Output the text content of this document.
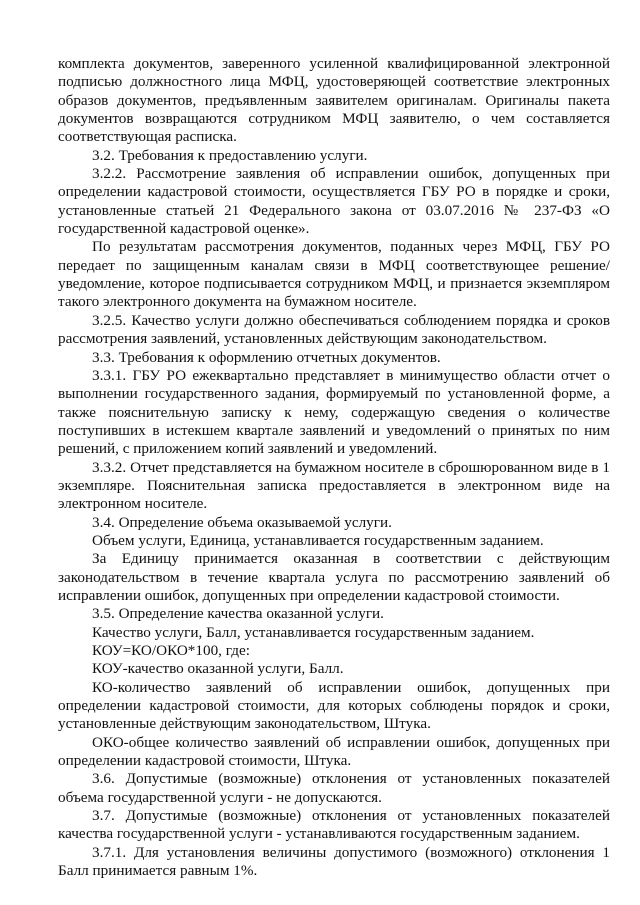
комплекта документов, заверенного усиленной квалифицированной электронной подписью должностного лица МФЦ, удостоверяющей соответствие электронных образов документов, предъявленным заявителем оригиналам. Оригиналы пакета документов возвращаются сотрудником МФЦ заявителю, о чем составляется соответствующая расписка.

3.2. Требования к предоставлению услуги.

3.2.2. Рассмотрение заявления об исправлении ошибок, допущенных при определении кадастровой стоимости, осуществляется ГБУ РО в порядке и сроки, установленные статьей 21 Федерального закона от 03.07.2016 № 237-ФЗ «О государственной кадастровой оценке».

По результатам рассмотрения документов, поданных через МФЦ, ГБУ РО передает по защищенным каналам связи в МФЦ соответствующее решение/уведомление, которое подписывается сотрудником МФЦ, и признается экземпляром такого электронного документа на бумажном носителе.

3.2.5. Качество услуги должно обеспечиваться соблюдением порядка и сроков рассмотрения заявлений, установленных действующим законодательством.

3.3. Требования к оформлению отчетных документов.

3.3.1. ГБУ РО ежеквартально представляет в минимущество области отчет о выполнении государственного задания, формируемый по установленной форме, а также пояснительную записку к нему, содержащую сведения о количестве поступивших в истекшем квартале заявлений и уведомлений о принятых по ним решений, с приложением копий заявлений и уведомлений.

3.3.2. Отчет представляется на бумажном носителе в сброшюрованном виде в 1 экземпляре. Пояснительная записка предоставляется в электронном виде на электронном носителе.

3.4. Определение объема оказываемой услуги.

Объем услуги, Единица, устанавливается государственным заданием.

За Единицу принимается оказанная в соответствии с действующим законодательством в течение квартала услуга по рассмотрению заявлений об исправлении ошибок, допущенных при определении кадастровой стоимости.

3.5. Определение качества оказанной услуги.

Качество услуги, Балл, устанавливается государственным заданием.

КОУ=КО/ОКО*100, где:

КОУ-качество оказанной услуги, Балл.

КО-количество заявлений об исправлении ошибок, допущенных при определении кадастровой стоимости, для которых соблюдены порядок и сроки, установленные действующим законодательством, Штука.

ОКО-общее количество заявлений об исправлении ошибок, допущенных при определении кадастровой стоимости, Штука.

3.6. Допустимые (возможные) отклонения от установленных показателей объема государственной услуги - не допускаются.

3.7. Допустимые (возможные) отклонения от установленных показателей качества государственной услуги - устанавливаются государственным заданием.

3.7.1. Для установления величины допустимого (возможного) отклонения 1 Балл принимается равным 1%.
